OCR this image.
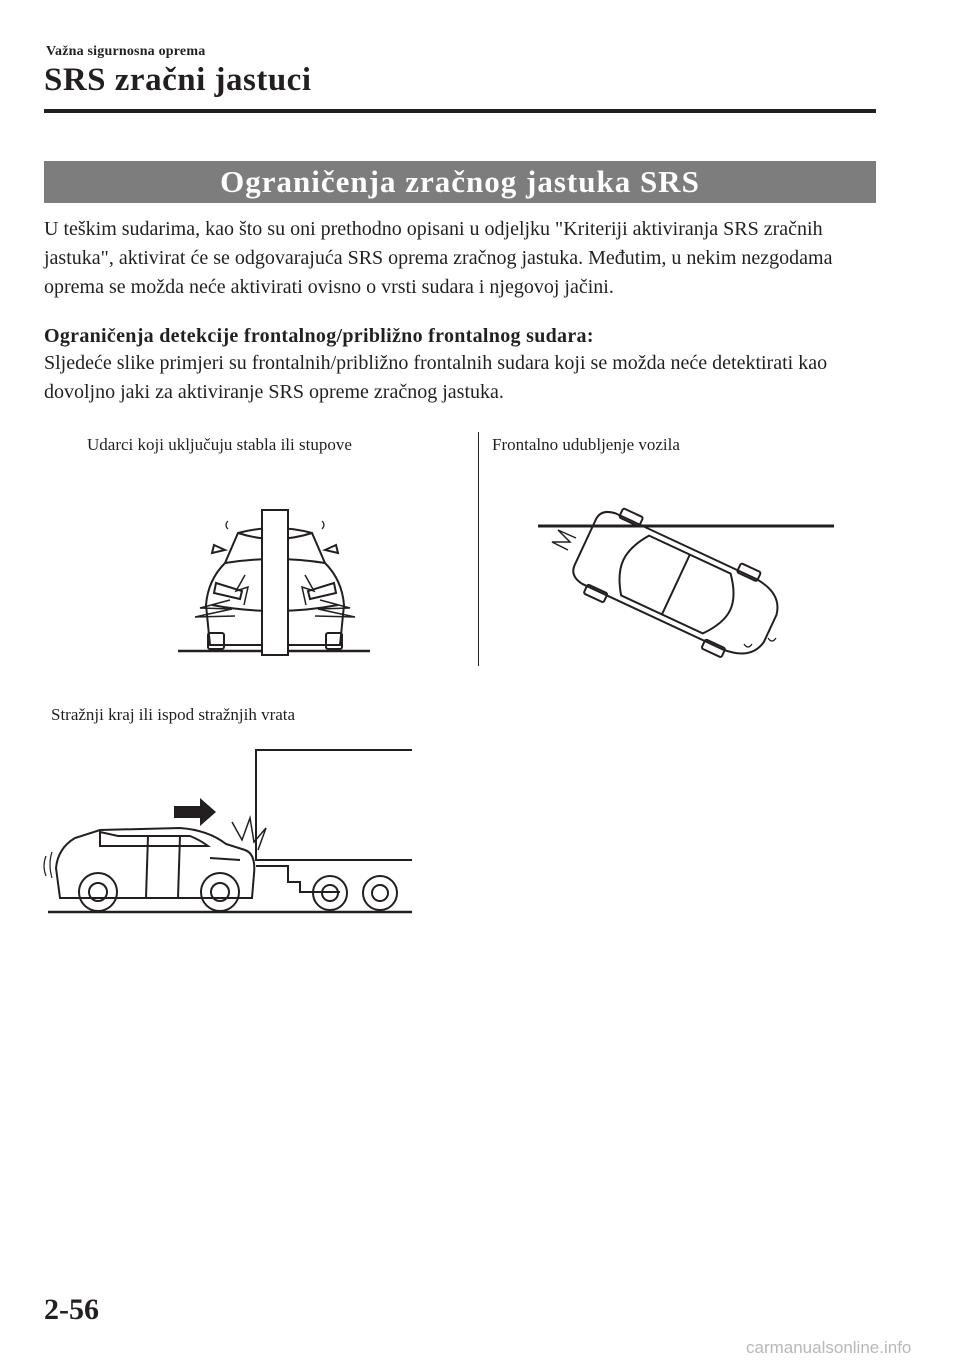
Važna sigurnosna oprema
SRS zračni jastuci
Ograničenja zračnog jastuka SRS
U teškim sudarima, kao što su oni prethodno opisani u odjeljku "Kriteriji aktiviranja SRS zračnih jastuka", aktivirat će se odgovarajuća SRS oprema zračnog jastuka. Međutim, u nekim nezgodama oprema se možda neće aktivirati ovisno o vrsti sudara i njegovoj jačini.
Ograničenja detekcije frontalnog/približno frontalnog sudara:
Sljedeće slike primjeri su frontalnih/približno frontalnih sudara koji se možda neće detektirati kao dovoljno jaki za aktiviranje SRS opreme zračnog jastuka.
Udarci koji uključuju stabla ili stupove	Frontalno udubljenje vozila
Stražnji kraj ili ispod stražnjih vrata
2-56
carmanualsonline.info
